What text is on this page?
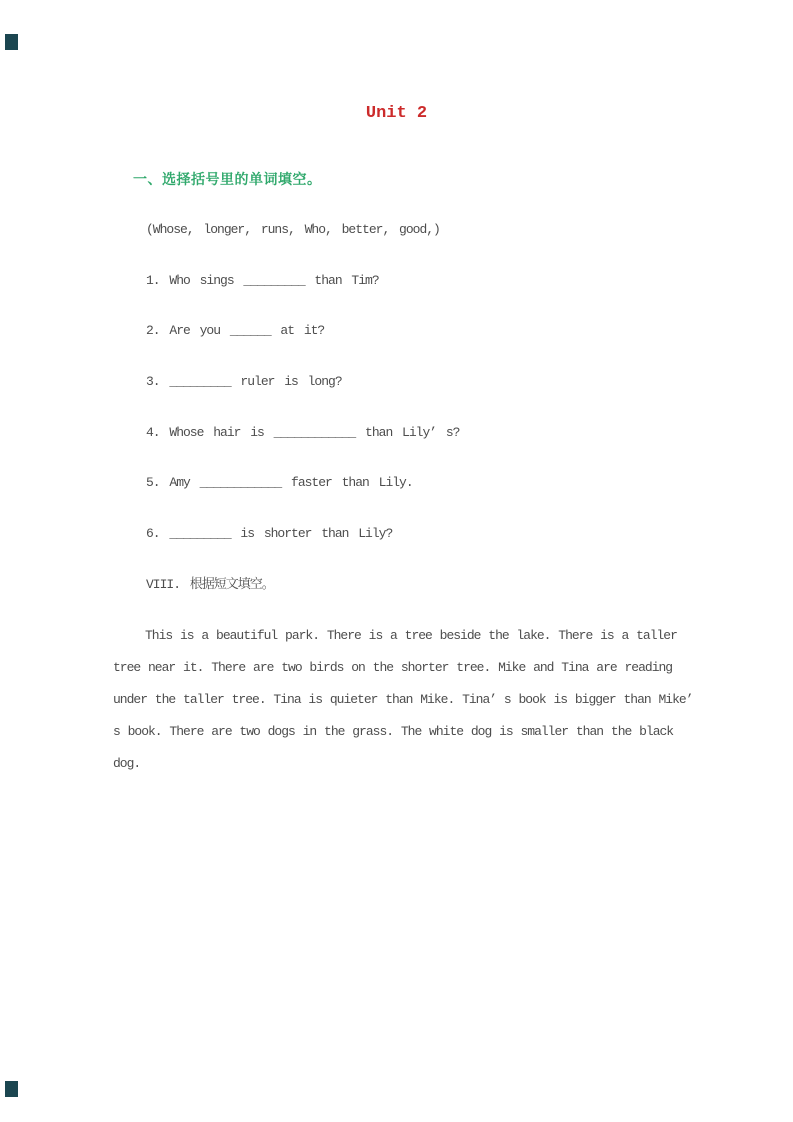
Unit 2
一、选择括号里的单词填空。
(Whose, longer, runs, Who, better, good,)
1. Who sings _________ than Tim?
2. Are you ______ at it?
3. _________ ruler is long?
4. Whose hair is ____________ than Lily’ s?
5. Amy ____________ faster than Lily.
6. _________ is shorter than Lily?
VIII. 根据短文填空。
This is a beautiful park. There is a tree beside the lake. There is a taller
tree near it. There are two birds on the shorter tree. Mike and Tina are reading
under the taller tree. Tina is quieter than Mike. Tina’ s book is bigger than Mike’
s book. There are two dogs in the grass. The white dog is smaller than the black
dog.
